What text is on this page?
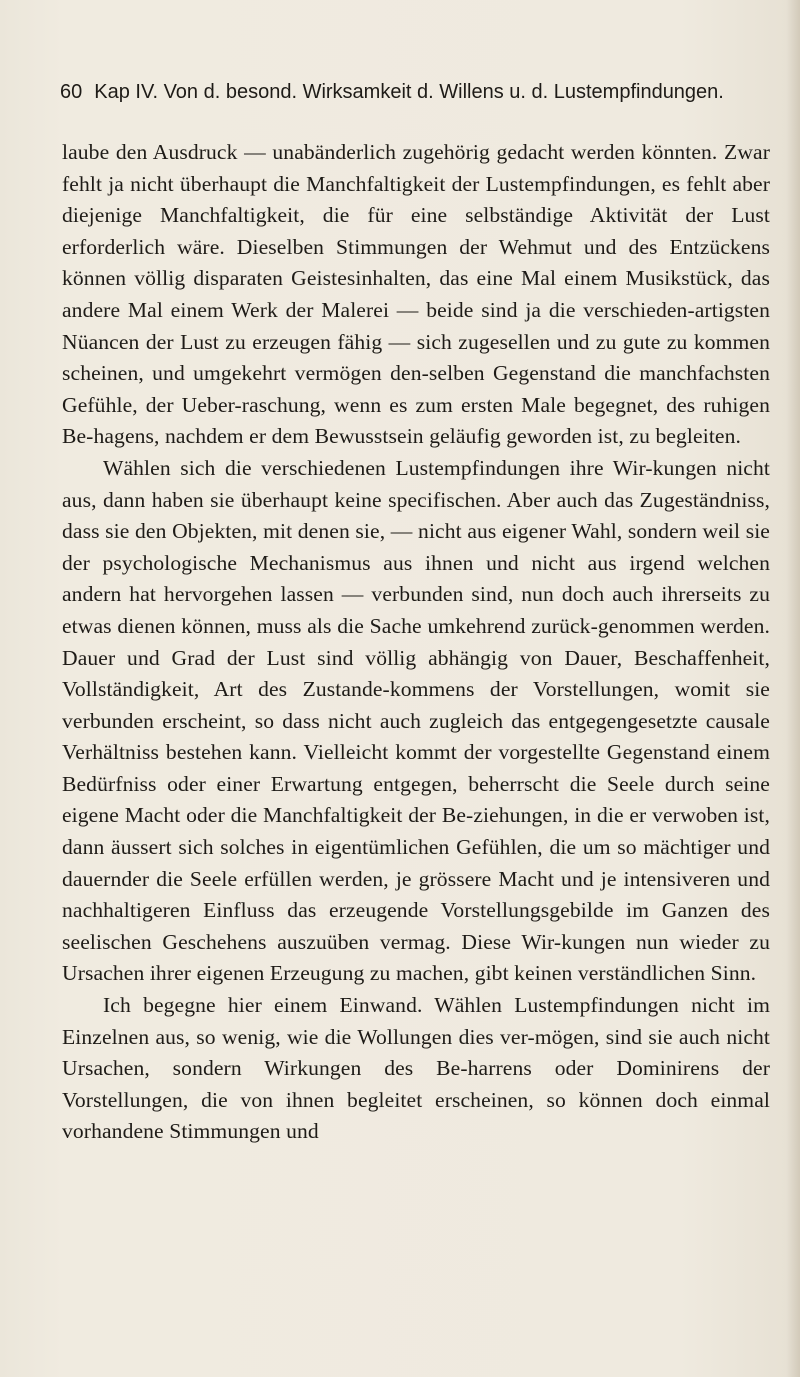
60 Kap IV. Von d. besond. Wirksamkeit d. Willens u. d. Lustempfindungen.

laube den Ausdruck — unabänderlich zugehörig gedacht werden könnten. Zwar fehlt ja nicht überhaupt die Manchfaltigkeit der Lustempfindungen, es fehlt aber diejenige Manchfaltigkeit, die für eine selbständige Aktivität der Lust erforderlich wäre. Dieselben Stimmungen der Wehmut und des Entzückens können völlig disparaten Geistesinhalten, das eine Mal einem Musikstück, das andere Mal einem Werk der Malerei — beide sind ja die verschieden-artigsten Nüancen der Lust zu erzeugen fähig — sich zugesellen und zu gute zu kommen scheinen, und umgekehrt vermögen den-selben Gegenstand die manchfachsten Gefühle, der Ueber-raschung, wenn es zum ersten Male begegnet, des ruhigen Be-hagens, nachdem er dem Bewusstsein geläufig geworden ist, zu begleiten.

Wählen sich die verschiedenen Lustempfindungen ihre Wir-kungen nicht aus, dann haben sie überhaupt keine specifischen. Aber auch das Zugeständniss, dass sie den Objekten, mit denen sie, — nicht aus eigener Wahl, sondern weil sie der psychologische Mechanismus aus ihnen und nicht aus irgend welchen andern hat hervorgehen lassen — verbunden sind, nun doch auch ihrerseits zu etwas dienen können, muss als die Sache umkehrend zurück-genommen werden. Dauer und Grad der Lust sind völlig abhängig von Dauer, Beschaffenheit, Vollständigkeit, Art des Zustande-kommens der Vorstellungen, womit sie verbunden erscheint, so dass nicht auch zugleich das entgegengesetzte causale Verhältniss bestehen kann. Vielleicht kommt der vorgestellte Gegenstand einem Bedürfniss oder einer Erwartung entgegen, beherrscht die Seele durch seine eigene Macht oder die Manchfaltigkeit der Be-ziehungen, in die er verwoben ist, dann äussert sich solches in eigentümlichen Gefühlen, die um so mächtiger und dauernder die Seele erfüllen werden, je grössere Macht und je intensiveren und nachhaltigeren Einfluss das erzeugende Vorstellungsgebilde im Ganzen des seelischen Geschehens auszuüben vermag. Diese Wir-kungen nun wieder zu Ursachen ihrer eigenen Erzeugung zu machen, gibt keinen verständlichen Sinn.

Ich begegne hier einem Einwand. Wählen Lustempfindungen nicht im Einzelnen aus, so wenig, wie die Wollungen dies ver-mögen, sind sie auch nicht Ursachen, sondern Wirkungen des Be-harrens oder Dominirens der Vorstellungen, die von ihnen begleitet erscheinen, so können doch einmal vorhandene Stimmungen und
